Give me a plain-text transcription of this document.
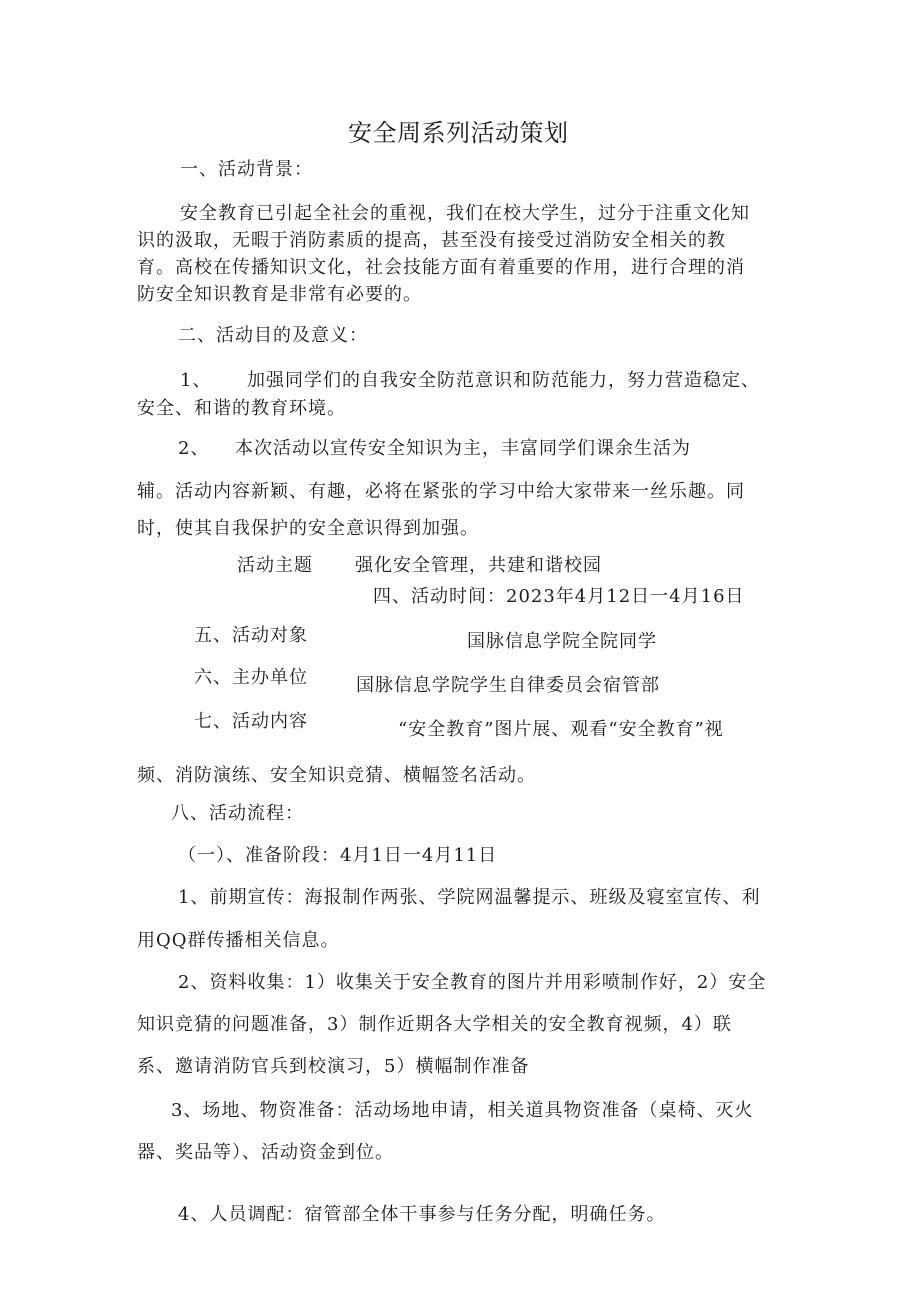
安全周系列活动策划
一、活动背景：
安全教育已引起全社会的重视，我们在校大学生，过分于注重文化知
识的汲取，无暇于消防素质的提高，甚至没有接受过消防安全相关的教
育。高校在传播知识文化，社会技能方面有着重要的作用，进行合理的消
防安全知识教育是非常有必要的。
二、活动目的及意义：
1、 加强同学们的自我安全防范意识和防范能力，努力营造稳定、
安全、和谐的教育环境。
2、 本次活动以宣传安全知识为主，丰富同学们课余生活为
辅。活动内容新颖、有趣，必将在紧张的学习中给大家带来一丝乐趣。同
时，使其自我保护的安全意识得到加强。
活动主题 强化安全管理，共建和谐校园
四、活动时间：2023年4月12日一4月16日
五、活动对象	国脉信息学院全院同学
六、主办单位	国脉信息学院学生自律委员会宿管部
七、活动内容	“安全教育”图片展、观看“安全教育”视
频、消防演练、安全知识竞猜、横幅签名活动。
八、活动流程：
（一）、准备阶段：4月1日一4月11日
1、前期宣传：海报制作两张、学院网温馨提示、班级及寝室宣传、利
用QQ群传播相关信息。
2、资料收集：1）收集关于安全教育的图片并用彩喷制作好，2）安全
知识竞猜的问题准备，3）制作近期各大学相关的安全教育视频，4）联
系、邀请消防官兵到校演习，5）横幅制作准备
3、场地、物资准备：活动场地申请，相关道具物资准备（桌椅、灭火
器、奖品等）、活动资金到位。
4、人员调配：宿管部全体干事参与任务分配，明确任务。
